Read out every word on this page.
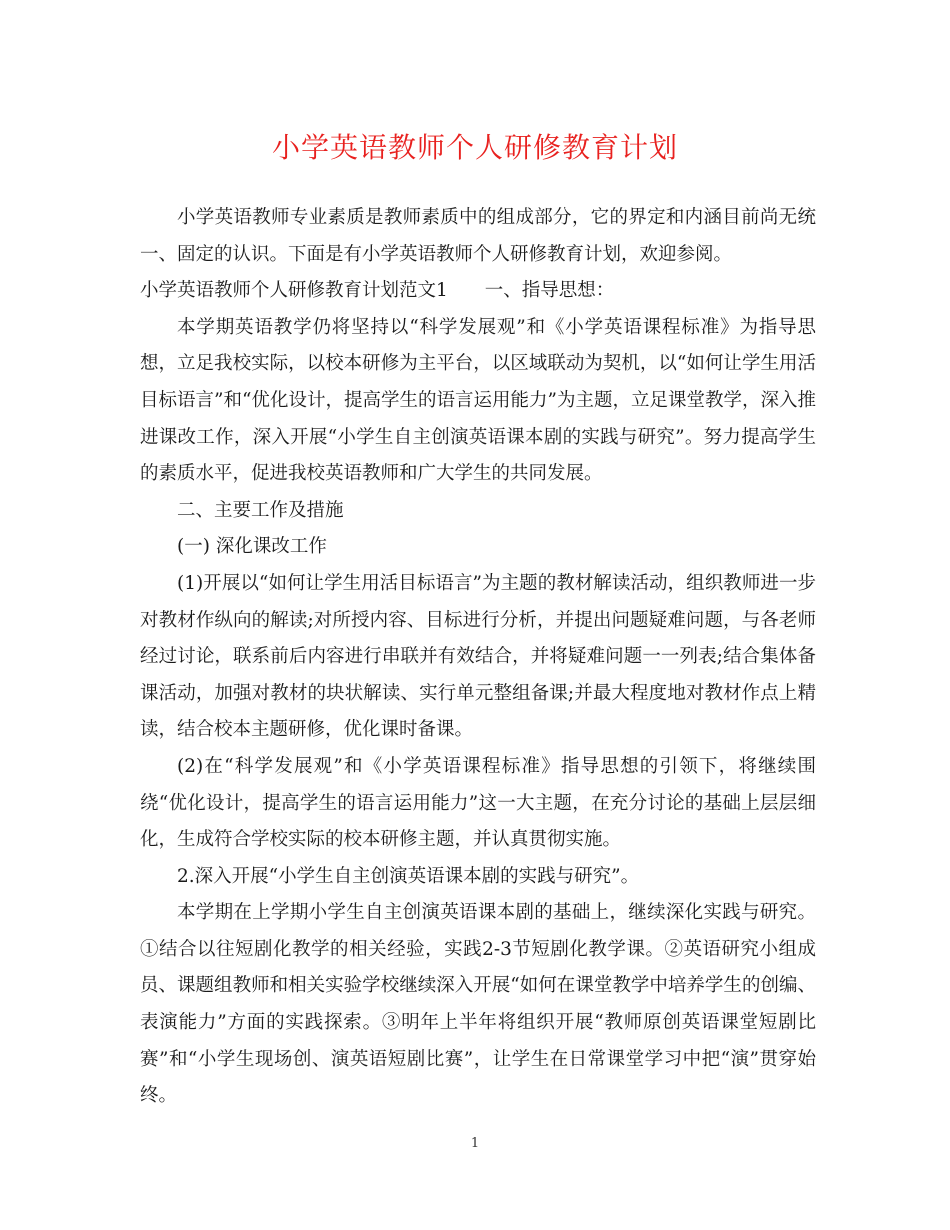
小学英语教师个人研修教育计划

小学英语教师专业素质是教师素质中的组成部分，它的界定和内涵目前尚无统一、固定的认识。下面是有小学英语教师个人研修教育计划，欢迎参阅。

小学英语教师个人研修教育计划范文1　　一、指导思想：

本学期英语教学仍将坚持以“科学发展观”和《小学英语课程标准》为指导思想，立足我校实际，以校本研修为主平台，以区域联动为契机，以“如何让学生用活目标语言”和“优化设计，提高学生的语言运用能力”为主题，立足课堂教学，深入推进课改工作，深入开展“小学生自主创演英语课本剧的实践与研究”。努力提高学生的素质水平，促进我校英语教师和广大学生的共同发展。

二、主要工作及措施

(一) 深化课改工作

(1)开展以“如何让学生用活目标语言”为主题的教材解读活动，组织教师进一步对教材作纵向的解读;对所授内容、目标进行分析，并提出问题疑难问题，与各老师经过讨论，联系前后内容进行串联并有效结合，并将疑难问题一一列表;结合集体备课活动，加强对教材的块状解读、实行单元整组备课;并最大程度地对教材作点上精读，结合校本主题研修，优化课时备课。

(2)在“科学发展观”和《小学英语课程标准》指导思想的引领下，将继续围绕“优化设计，提高学生的语言运用能力”这一大主题，在充分讨论的基础上层层细化，生成符合学校实际的校本研修主题，并认真贯彻实施。

2.深入开展“小学生自主创演英语课本剧的实践与研究”。

本学期在上学期小学生自主创演英语课本剧的基础上，继续深化实践与研究。①结合以往短剧化教学的相关经验，实践2-3节短剧化教学课。②英语研究小组成员、课题组教师和相关实验学校继续深入开展“如何在课堂教学中培养学生的创编、表演能力”方面的实践探索。③明年上半年将组织开展“教师原创英语课堂短剧比赛”和“小学生现场创、演英语短剧比赛”，让学生在日常课堂学习中把“演”贯穿始终。

1
